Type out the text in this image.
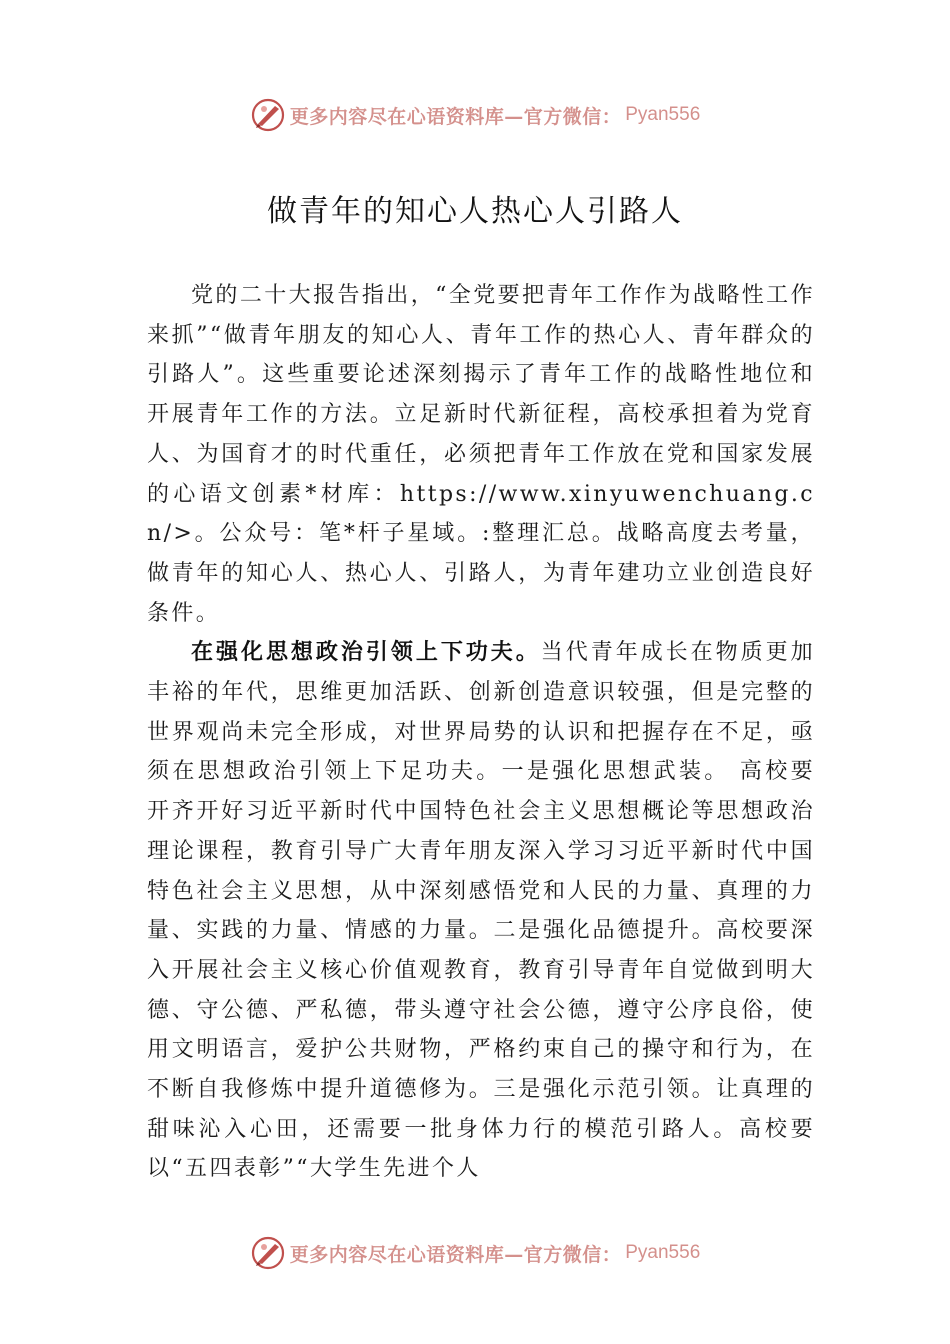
更多内容尽在心语资料库—官方微信： Pyan556
做青年的知心人热心人引路人

党的二十大报告指出，“全党要把青年工作作为战略性工作来抓”“做青年朋友的知心人、青年工作的热心人、青年群众的引路人”。这些重要论述深刻揭示了青年工作的战略性地位和开展青年工作的方法。立足新时代新征程，高校承担着为党育人、为国育才的时代重任，必须把青年工作放在党和国家发展的心语文创素*材库：https://www.xinyuwenchuang.cn/>。公众号：笔*杆子星域。:整理汇总。战略高度去考量，做青年的知心人、热心人、引路人，为青年建功立业创造良好条件。

在强化思想政治引领上下功夫。当代青年成长在物质更加丰裕的年代，思维更加活跃、创新创造意识较强，但是完整的世界观尚未完全形成，对世界局势的认识和把握存在不足，亟须在思想政治引领上下足功夫。一是强化思想武装。 高校要开齐开好习近平新时代中国特色社会主义思想概论等思想政治理论课程，教育引导广大青年朋友深入学习习近平新时代中国特色社会主义思想，从中深刻感悟党和人民的力量、真理的力量、实践的力量、情感的力量。二是强化品德提升。高校要深入开展社会主义核心价值观教育，教育引导青年自觉做到明大德、守公德、严私德，带头遵守社会公德，遵守公序良俗，使用文明语言，爱护公共财物，严格约束自己的操守和行为，在不断自我修炼中提升道德修为。三是强化示范引领。让真理的甜味沁入心田，还需要一批身体力行的模范引路人。高校要以“五四表彰”“大学生先进个人

更多内容尽在心语资料库—官方微信： Pyan556
